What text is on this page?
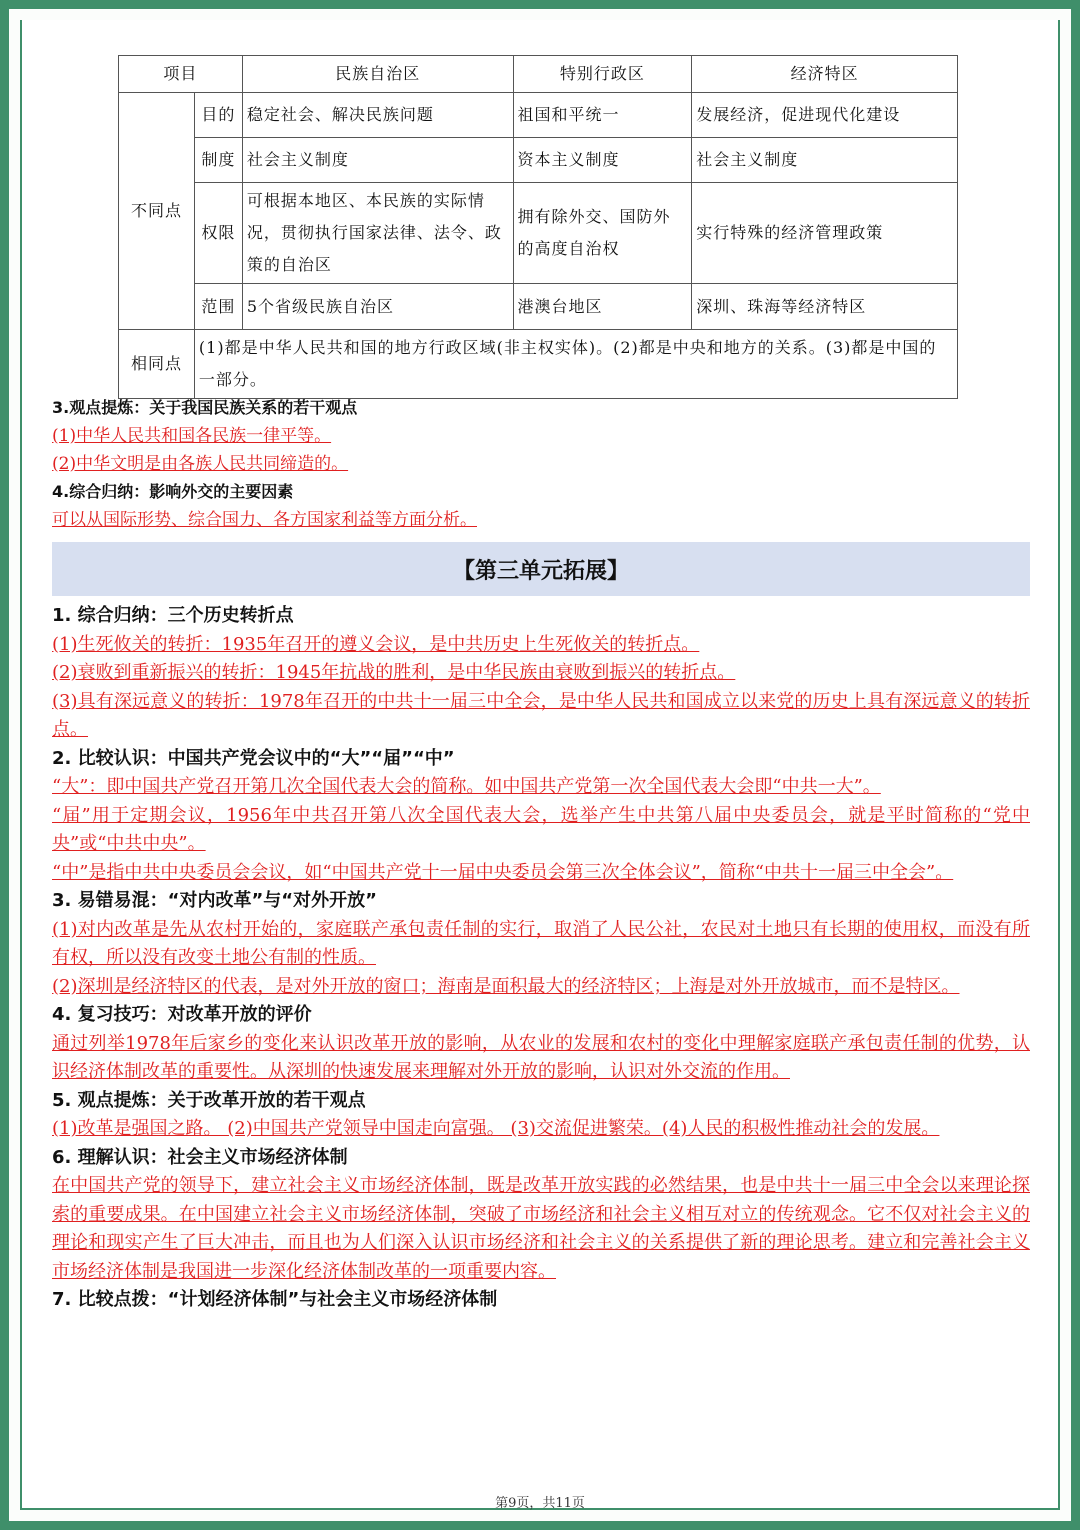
项目		民族自治区	特别行政区	经济特区
不同点	目的	稳定社会、解决民族问题	祖国和平统一	发展经济，促进现代化建设
	制度	社会主义制度	资本主义制度	社会主义制度
	权限	可根据本地区、本民族的实际情况，贯彻执行国家法律、法令、政策的自治区	拥有除外交、国防外的高度自治权	实行特殊的经济管理政策
	范围	5个省级民族自治区	港澳台地区	深圳、珠海等经济特区
相同点	(1)都是中华人民共和国的地方行政区域(非主权实体)。(2)都是中央和地方的关系。(3)都是中国的一部分。			
3.观点提炼：关于我国民族关系的若干观点
(1)中华人民共和国各民族一律平等。
(2)中华文明是由各族人民共同缔造的。
4.综合归纳：影响外交的主要因素
可以从国际形势、综合国力、各方国家利益等方面分析。
【第三单元拓展】
1. 综合归纳：三个历史转折点
(1)生死攸关的转折：1935年召开的遵义会议，是中共历史上生死攸关的转折点。
(2)衰败到重新振兴的转折：1945年抗战的胜利，是中华民族由衰败到振兴的转折点。
(3)具有深远意义的转折：1978年召开的中共十一届三中全会，是中华人民共和国成立以来党的历史上具有深远意义的转折点。
2. 比较认识：中国共产党会议中的“大”“届”“中”
“大”：即中国共产党召开第几次全国代表大会的简称。如中国共产党第一次全国代表大会即“中共一大”。
“届”用于定期会议，1956年中共召开第八次全国代表大会，选举产生中共第八届中央委员会，就是平时简称的“党中央”或“中共中央”。
“中”是指中共中央委员会会议，如“中国共产党十一届中央委员会第三次全体会议”，简称“中共十一届三中全会”。
3. 易错易混：“对内改革”与“对外开放”
(1)对内改革是先从农村开始的，家庭联产承包责任制的实行，取消了人民公社，农民对土地只有长期的使用权，而没有所有权，所以没有改变土地公有制的性质。
(2)深圳是经济特区的代表，是对外开放的窗口；海南是面积最大的经济特区；上海是对外开放城市，而不是特区。
4. 复习技巧：对改革开放的评价
通过列举1978年后家乡的变化来认识改革开放的影响，从农业的发展和农村的变化中理解家庭联产承包责任制的优势，认识经济体制改革的重要性。从深圳的快速发展来理解对外开放的影响，认识对外交流的作用。
5. 观点提炼：关于改革开放的若干观点
(1)改革是强国之路。 (2)中国共产党领导中国走向富强。 (3)交流促进繁荣。(4)人民的积极性推动社会的发展。
6. 理解认识：社会主义市场经济体制
在中国共产党的领导下，建立社会主义市场经济体制，既是改革开放实践的必然结果，也是中共十一届三中全会以来理论探索的重要成果。在中国建立社会主义市场经济体制，突破了市场经济和社会主义相互对立的传统观念。它不仅对社会主义的理论和现实产生了巨大冲击，而且也为人们深入认识市场经济和社会主义的关系提供了新的理论思考。建立和完善社会主义市场经济体制是我国进一步深化经济体制改革的一项重要内容。
7. 比较点拨：“计划经济体制”与社会主义市场经济体制
第9页，共11页
